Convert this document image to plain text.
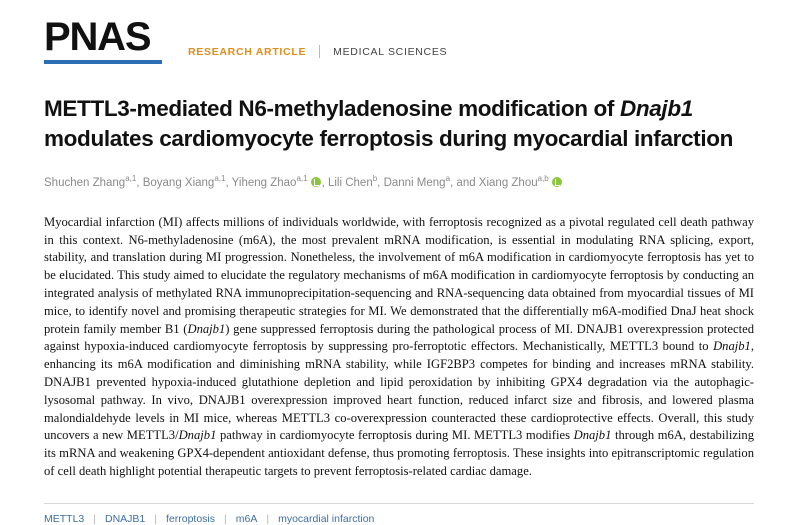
PNAS	RESEARCH ARTICLE	MEDICAL SCIENCES
METTL3-mediated N6-methyladenosine modification of Dnajb1 modulates cardiomyocyte ferroptosis during myocardial infarction
Shuchen Zhang$^{a,1}$, Boyang Xiang$^{a,1}$, Yiheng Zhao$^{a,1}$ , Lili Chen$^b$, Danni Meng$^a$, and Xiang Zhou$^{a,b}$

Myocardial infarction (MI) affects millions of individuals worldwide, with ferroptosis recognized as a pivotal regulated cell death pathway in this context. N6-methyladenosine (m6A), the most prevalent mRNA modification, is essential in modulating RNA splicing, export, stability, and translation during MI progression. Nonetheless, the involvement of m6A modification in cardiomyocyte ferroptosis has yet to be elucidated. This study aimed to elucidate the regulatory mechanisms of m6A modification in cardiomyocyte ferroptosis by conducting an integrated analysis of methylated RNA immunoprecipitation-sequencing and RNA-sequencing data obtained from myocardial tissues of MI mice, to identify novel and promising therapeutic strategies for MI. We demonstrated that the differentially m6A-modified DnaJ heat shock protein family member B1 (Dnajb1) gene suppressed ferroptosis during the pathological process of MI. DNAJB1 overexpression protected against hypoxia-induced cardiomyocyte ferroptosis by suppressing pro-ferroptotic effectors. Mechanistically, METTL3 bound to Dnajb1, enhancing its m6A modification and diminishing mRNA stability, while IGF2BP3 competes for binding and increases mRNA stability. DNAJB1 prevented hypoxia-induced glutathione depletion and lipid peroxidation by inhibiting GPX4 degradation via the autophagic-lysosomal pathway. In vivo, DNAJB1 overexpression improved heart function, reduced infarct size and fibrosis, and lowered plasma malondialdehyde levels in MI mice, whereas METTL3 co-overexpression counteracted these cardioprotective effects. Overall, this study uncovers a new METTL3/Dnajb1 pathway in cardiomyocyte ferroptosis during MI. METTL3 modifies Dnajb1 through m6A, destabilizing its mRNA and weakening GPX4-dependent antioxidant defense, thus promoting ferroptosis. These insights into epitranscriptomic regulation of cell death highlight potential therapeutic targets to prevent ferroptosis-related cardiac damage.

METTL3 | DNAJB1 | ferroptosis | m6A | myocardial infarction
